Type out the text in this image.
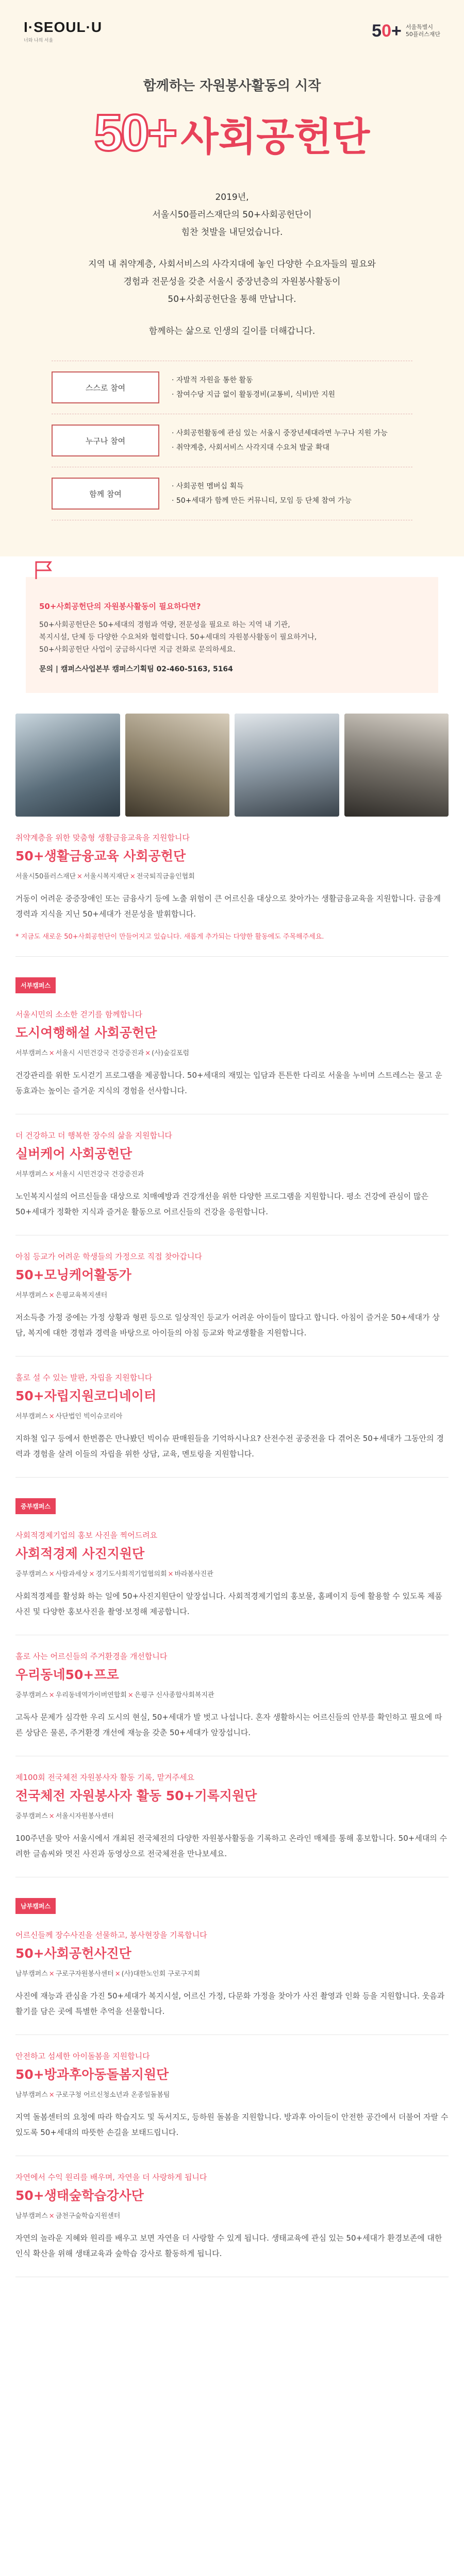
I·SEOUL·U
너와 나의 서울	50+ 서울특별시
50플러스재단
함께하는 자원봉사활동의 시작
50+ 사회공헌단

2019년,
서울시50플러스재단의 50+사회공헌단이
힘찬 첫발을 내딛었습니다.

지역 내 취약계층, 사회서비스의 사각지대에 놓인 다양한 수요자들의 필요와
경험과 전문성을 갖춘 서울시 중장년층의 자원봉사활동이
50+사회공헌단을 통해 만납니다.

함께하는 삶으로 인생의 길이를 더해갑니다.

스스로 참여
· 자발적 자원을 통한 활동
· 참여수당 지급 없이 활동경비(교통비, 식비)만 지원
누구나 참여
· 사회공헌활동에 관심 있는 서울시 중장년세대라면 누구나 지원 가능
· 취약계층, 사회서비스 사각지대 수요처 발굴 확대
함께 참여
· 사회공헌 멤버십 획득
· 50+세대가 함께 만든 커뮤니티, 모임 등 단체 참여 가능
50+사회공헌단의 자원봉사활동이 필요하다면?

50+사회공헌단은 50+세대의 경험과 역량, 전문성을 필요로 하는 지역 내 기관,
복지시설, 단체 등 다양한 수요처와 협력합니다. 50+세대의 자원봉사활동이 필요하거나,
50+사회공헌단 사업이 궁금하시다면 지금 전화로 문의하세요.

문의 | 캠퍼스사업본부 캠퍼스기획팀 02-460-5163, 5164

취약계층을 위한 맞춤형 생활금융교육을 지원합니다
50+생활금융교육 사회공헌단
서울시50플러스재단 × 서울시복지재단 × 전국퇴직금융인협회
거동이 어려운 중증장애인 또는 금융사기 등에 노출 위험이 큰 어르신을 대상으로 찾아가는 생활금융교육을 지원합니다. 금융계 경력과 지식을 지닌 50+세대가 전문성을 발휘합니다.
* 지금도 새로운 50+사회공헌단이 만들어지고 있습니다. 새롭게 추가되는 다양한 활동에도 주목해주세요.
서부캠퍼스
서울시민의 소소한 걷기를 함께합니다
도시여행해설 사회공헌단
서부캠퍼스 × 서울시 시민건강국 건강증진과 × (사)숲길포럼
건강관리를 위한 도시걷기 프로그램을 제공합니다. 50+세대의 재밌는 입담과 튼튼한 다리로 서울을 누비며 스트레스는 물고 운동효과는 높이는 즐거운 지식의 경험을 선사합니다.
더 건강하고 더 행복한 장수의 삶을 지원합니다
실버케어 사회공헌단
서부캠퍼스 × 서울시 시민건강국 건강증진과
노인복지시설의 어르신들을 대상으로 치매예방과 건강개선을 위한 다양한 프로그램을 지원합니다. 평소 건강에 관심이 많은 50+세대가 정확한 지식과 즐거운 활동으로 어르신들의 건강을 응원합니다.
아침 등교가 어려운 학생들의 가정으로 직접 찾아갑니다
50+모닝케어활동가
서부캠퍼스 × 은평교육복지센터
저소득층 가정 중에는 가정 상황과 형편 등으로 일상적인 등교가 어려운 아이들이 많다고 합니다. 아침이 즐거운 50+세대가 상담, 복지에 대한 경험과 경력을 바탕으로 아이들의 아침 등교와 학교생활을 지원합니다.
홀로 설 수 있는 발판, 자립을 지원합니다
50+자립지원코디네이터
서부캠퍼스 × 사단법인 빅이슈코리아
지하철 입구 등에서 한번쯤은 만나봤던 빅이슈 판매원들을 기억하시나요? 산전수전 공중전을 다 겪어온 50+세대가 그동안의 경력과 경험을 살려 이들의 자립을 위한 상담, 교육, 멘토링을 지원합니다.
중부캠퍼스
사회적경제기업의 홍보 사진을 찍어드려요
사회적경제 사진지원단
중부캠퍼스 × 사람과세상 × 경기도사회적기업협의회 × 바라봄사진관
사회적경제를 활성화 하는 일에 50+사진지원단이 앞장섭니다. 사회적경제기업의 홍보물, 홈페이지 등에 활용할 수 있도록 제품사진 및 다양한 홍보사진을 촬영·보정해 제공합니다.
홀로 사는 어르신들의 주거환경을 개선합니다
우리동네50+프로
중부캠퍼스 × 우리동네역가이버연합회 × 은평구 신사종합사회복지관
고독사 문제가 심각한 우리 도시의 현실, 50+세대가 발 벗고 나섭니다. 혼자 생활하시는 어르신들의 안부를 확인하고 필요에 따른 상담은 물론, 주거환경 개선에 재능을 갖춘 50+세대가 앞장섭니다.
제100회 전국체전 자원봉사자 활동 기록, 맡겨주세요
전국체전 자원봉사자 활동 50+기록지원단
중부캠퍼스 × 서울시자원봉사센터
100주년을 맞아 서울시에서 개최된 전국체전의 다양한 자원봉사활동을 기록하고 온라인 매체를 통해 홍보합니다. 50+세대의 수려한 글솜씨와 멋진 사진과 동영상으로 전국체전을 만나보세요.
남부캠퍼스
어르신들께 장수사진을 선물하고, 봉사현장을 기록합니다
50+사회공헌사진단
남부캠퍼스 × 구로구자원봉사센터 × (사)대한노인회 구로구지회
사진에 재능과 관심을 가진 50+세대가 복지시설, 어르신 가정, 다문화 가정을 찾아가 사진 촬영과 인화 등을 지원합니다. 웃음과 활기를 담은 곳에 특별한 추억을 선물합니다.
안전하고 섬세한 아이돌봄을 지원합니다
50+방과후아동돌봄지원단
남부캠퍼스 × 구로구청 어르신청소년과 온종일돌봄팀
지역 돌봄센터의 요청에 따라 학습지도 및 독서지도, 등하원 돌봄을 지원합니다. 방과후 아이들이 안전한 공간에서 더불어 자랄 수 있도록 50+세대의 따뜻한 손길을 보태드립니다.
자연에서 수익 원리를 배우며, 자연을 더 사랑하게 됩니다
50+생태숲학습강사단
남부캠퍼스 × 금천구숲학습지원센터
자연의 놀라운 지혜와 원리를 배우고 보면 자연을 더 사랑할 수 있게 됩니다. 생태교육에 관심 있는 50+세대가 환경보존에 대한 인식 확산을 위해 생태교육과 숲학습 강사로 활동하게 됩니다.
